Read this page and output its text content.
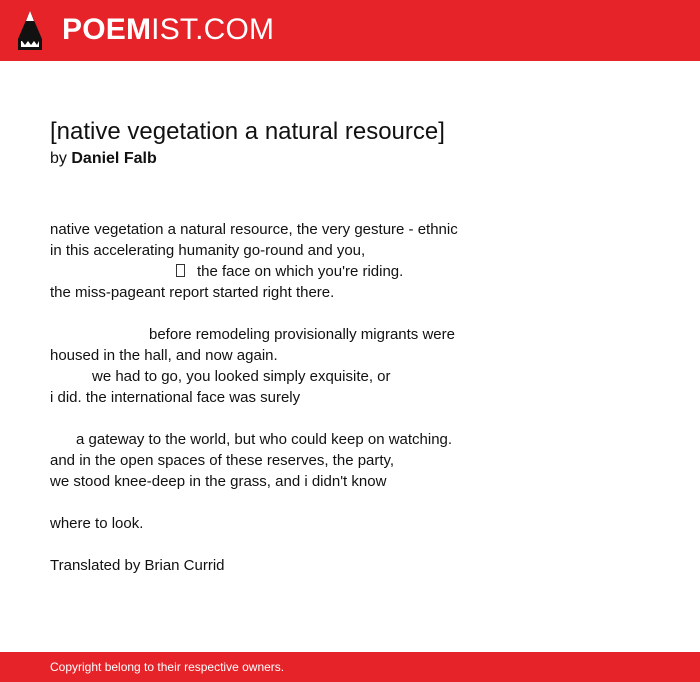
POEMIST.COM
[native vegetation a natural resource]
by Daniel Falb
native vegetation a natural resource, the very gesture - ethnic
in this accelerating humanity go-round and you,
the face on which you're riding.
the miss-pageant report started right there.
before remodeling provisionally migrants were
housed in the hall, and now again.
we had to go, you looked simply exquisite, or
i did. the international face was surely
a gateway to the world, but who could keep on watching.
and in the open spaces of these reserves, the party,
we stood knee-deep in the grass, and i didn't know
where to look.
Translated by Brian Currid
Copyright belong to their respective owners.
